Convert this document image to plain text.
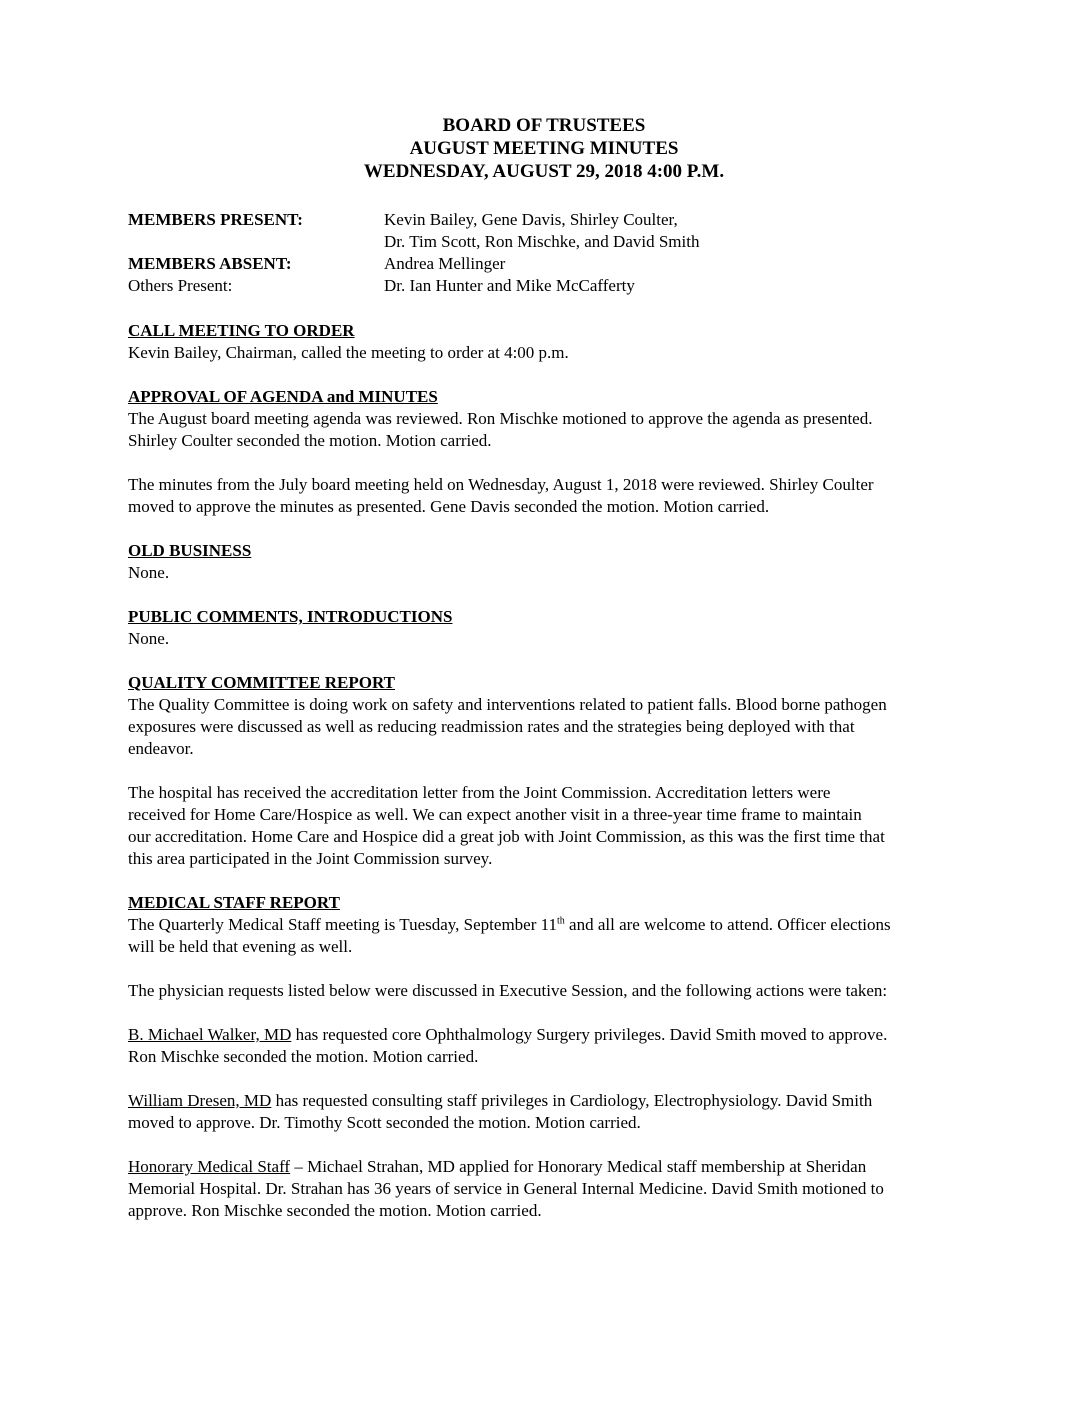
BOARD OF TRUSTEES
AUGUST MEETING MINUTES
WEDNESDAY, AUGUST 29, 2018 4:00 P.M.
MEMBERS PRESENT:	Kevin Bailey, Gene Davis, Shirley Coulter,
Dr. Tim Scott, Ron Mischke, and David Smith
MEMBERS ABSENT:	Andrea Mellinger
Others Present:	Dr. Ian Hunter and Mike McCafferty
CALL MEETING TO ORDER
Kevin Bailey, Chairman, called the meeting to order at 4:00 p.m.
APPROVAL OF AGENDA and MINUTES
The August board meeting agenda was reviewed. Ron Mischke motioned to approve the agenda as presented.
Shirley Coulter seconded the motion. Motion carried.
The minutes from the July board meeting held on Wednesday, August 1, 2018 were reviewed. Shirley Coulter
moved to approve the minutes as presented. Gene Davis seconded the motion. Motion carried.
OLD BUSINESS
None.
PUBLIC COMMENTS, INTRODUCTIONS
None.
QUALITY COMMITTEE REPORT
The Quality Committee is doing work on safety and interventions related to patient falls. Blood borne pathogen
exposures were discussed as well as reducing readmission rates and the strategies being deployed with that
endeavor.
The hospital has received the accreditation letter from the Joint Commission. Accreditation letters were
received for Home Care/Hospice as well. We can expect another visit in a three-year time frame to maintain
our accreditation. Home Care and Hospice did a great job with Joint Commission, as this was the first time that
this area participated in the Joint Commission survey.
MEDICAL STAFF REPORT
The Quarterly Medical Staff meeting is Tuesday, September 11th and all are welcome to attend. Officer elections
will be held that evening as well.
The physician requests listed below were discussed in Executive Session, and the following actions were taken:
B. Michael Walker, MD has requested core Ophthalmology Surgery privileges. David Smith moved to approve.
Ron Mischke seconded the motion. Motion carried.
William Dresen, MD has requested consulting staff privileges in Cardiology, Electrophysiology. David Smith
moved to approve. Dr. Timothy Scott seconded the motion. Motion carried.
Honorary Medical Staff – Michael Strahan, MD applied for Honorary Medical staff membership at Sheridan
Memorial Hospital. Dr. Strahan has 36 years of service in General Internal Medicine. David Smith motioned to
approve. Ron Mischke seconded the motion. Motion carried.
